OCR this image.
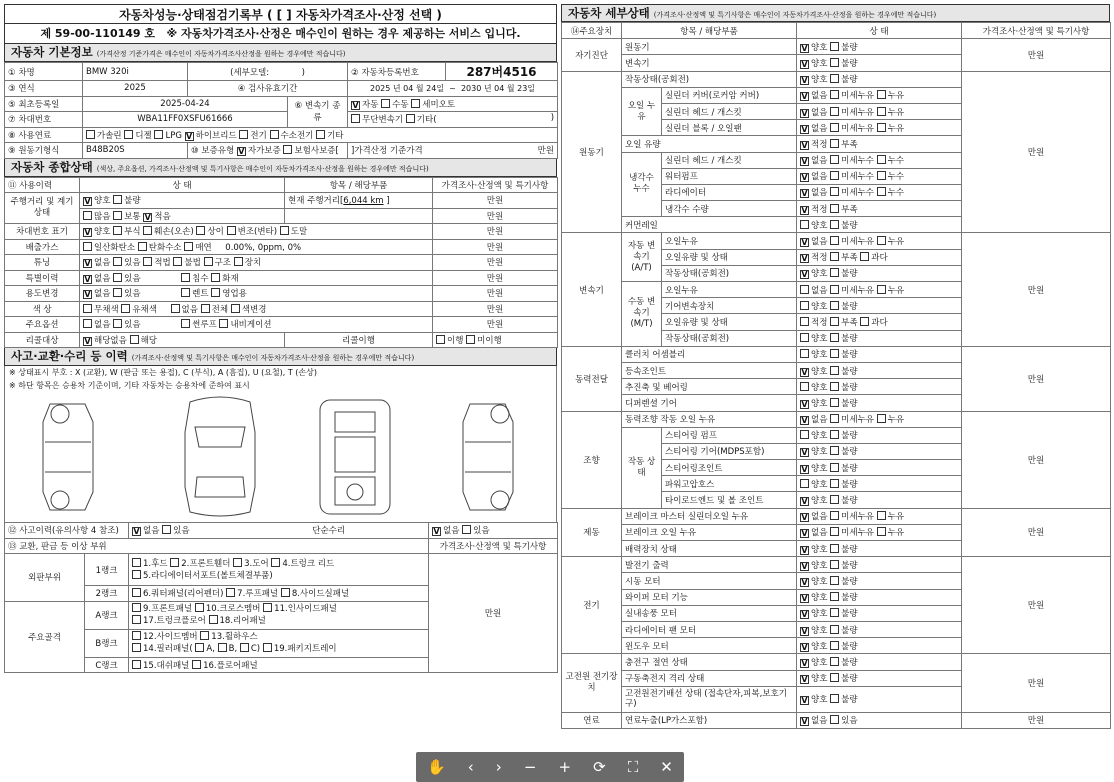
자동차성능·상태점검기록부 ( [ ] 자동차가격조사·산정 선택 )
제 59-00-110149 호 ※ 자동차가격조사·산정은 매수인이 원하는 경우 제공하는 서비스 입니다.
자동차 기본정보 (가격산정 기준가격은 매수인이 자동차가격조사산정을 원하는 경우에만 적습니다)
① 차명	BMW 320i	(세부모델: )		② 자동차등록번호	287버4516
③ 연식	2025	④ 검사유효기간		2025 년 04 월 24일 ~ 2030 년 04 월 23일	
⑤ 최초등록일	2025-04-24		⑥ 변속기 종류	V 자동 수동 세미오토	
⑦ 차대번호	WBA11FF0XSFU61666			무단변속기 기타( )	

⑧ 사용연료	가솔린 디젤 LPG V 하이브리드 전기 수소전기 기타				
⑨ 원동기형식	B48B20S	⑩ 보증유형 V 자가보증 보험사보증[		]가격산정 기준가격 만원	
자동차 종합상태 (색상, 주요옵션, 가격조사·산정액 및 특기사항은 매수인이 자동차가격조사·산정을 원하는 경우에만 적습니다)
⑪ 사용이력	상 태	항목 / 해당부품	가격조사·산정액 및 특기사항
주행거리 및 계기상태	V 양호 불량	현재 주행거리[6,044 km ]	만원
	많음 보통 V 적음		만원
차대번호 표기	V 양호 부식 훼손(오손) 상이 변조(변타) 도말		만원
배출가스	일산화탄소 탄화수소 매연 0.00%, 0ppm, 0%		만원
튜닝	V 없음 있음 적법 불법 구조 장치		만원
특별이력	V 없음 있음 침수 화재		만원
용도변경	V 없음 있음 렌트 영업용		만원
색 상	무채색 유채색 없음 전체 색변경		만원
주요옵션	없음 있음 썬루프 내비게이션		만원
리콜대상	V 해당없음 해당	리콜이행	이행 미이행
사고·교환·수리 등 이력 (가격조사·산정액 및 특기사항은 매수인이 자동차가격조사·산정을 원하는 경우에만 적습니다)
※ 상태표시 부호 : X (교환), W (판금 또는 용접), C (부식), A (흠집), U (요철), T (손상)
※ 하단 항목은 승용차 기준이며, 기타 자동차는 승용차에 준하여 표시
⑫ 사고이력(유의사항 4 참조)		V 없음 있음 단순수리	V 없음 있음
⑬ 교환, 판금 등 이상 부위			가격조사·산정액 및 특기사항
외판부위	1랭크	1.후드 2.프론트휀더 3.도어 4.트렁크 리드
5.라디에이터서포트(볼트체결부품)	만원
	2랭크	6.쿼터패널(리어펜더) 7.루프패널 8.사이드실패널	
주요골격	A랭크	9.프론트패널 10.크로스멤버 11.인사이드패널
17.트렁크플로어 18.리어패널	
	B랭크	12.사이드멤버 13.휠하우스
14.필러패널( A, B, C) 19.패키지트레이	
	C랭크	15.대쉬패널 16.플로어패널	
자동차 세부상태 (가격조사·산정액 및 특기사항은 매수인이 자동차가격조사·산정을 원하는 경우에만 적습니다)
⑭주요장치	항목 / 해당부품		상 태	가격조사·산정액 및 특기사항
자기진단	원동기		V 양호 불량	만원
	변속기		V 양호 불량	
원동기	작동상태(공회전)		V 양호 불량	만원
	오일 누유	실린더 커버(로커암 커버)	V 없음 미세누유 누유	
		실린더 헤드 / 개스킷	V 없음 미세누유 누유	
		실린더 블록 / 오일팬	V 없음 미세누유 누유	
	오일 유량		V 적정 부족	
	냉각수 누수	실린더 헤드 / 개스킷	V 없음 미세누수 누수	
		워터펌프	V 없음 미세누수 누수	
		라디에이터	V 없음 미세누수 누수	
		냉각수 수량	V 적정 부족	
	커먼레일		양호 불량	
변속기	자동 변속기 (A/T)	오일누유	V 없음 미세누유 누유	만원
		오일유량 및 상태	V 적정 부족 과다	
		작동상태(공회전)	V 양호 불량	
	수동 변속기 (M/T)	오일누유	없음 미세누유 누유	
		기어변속장치	양호 불량	
		오일유량 및 상태	적정 부족 과다	
		작동상태(공회전)	양호 불량	
동력전달	클러치 어셈블리		양호 불량	만원
	등속조인트		V 양호 불량	
	추진축 및 베어링		양호 불량	
	디퍼렌셜 기어		V 양호 불량	
조향	동력조향 작동 오일 누유		V 없음 미세누유 누유	만원
	작동 상태	스티어링 펌프	양호 불량	
		스티어링 기어(MDPS포함)	V 양호 불량	
		스티어링조인트	V 양호 불량	
		파워고압호스	양호 불량	
		타이로드엔드 및 볼 조인트	V 양호 불량	
제동	브레이크 마스터 실린더오일 누유		V 없음 미세누유 누유	만원
	브레이크 오일 누유		V 없음 미세누유 누유	
	배력장치 상태		V 양호 불량	
전기	발전기 출력		V 양호 불량	만원
	시동 모터		V 양호 불량	
	와이퍼 모터 기능		V 양호 불량	
	실내송풍 모터		V 양호 불량	
	라디에이터 팬 모터		V 양호 불량	
	윈도우 모터		V 양호 불량	
고전원 전기장치	충전구 절연 상태		V 양호 불량	만원
	구동축전지 격리 상태		V 양호 불량	
	고전원전기배선 상태 (접속단자,피복,보호기구)		V 양호 불량	
연료	연료누출(LP가스포함)		V 없음 있음	만원
✋ ‹ › − + ⟳ ⛶ ✕
